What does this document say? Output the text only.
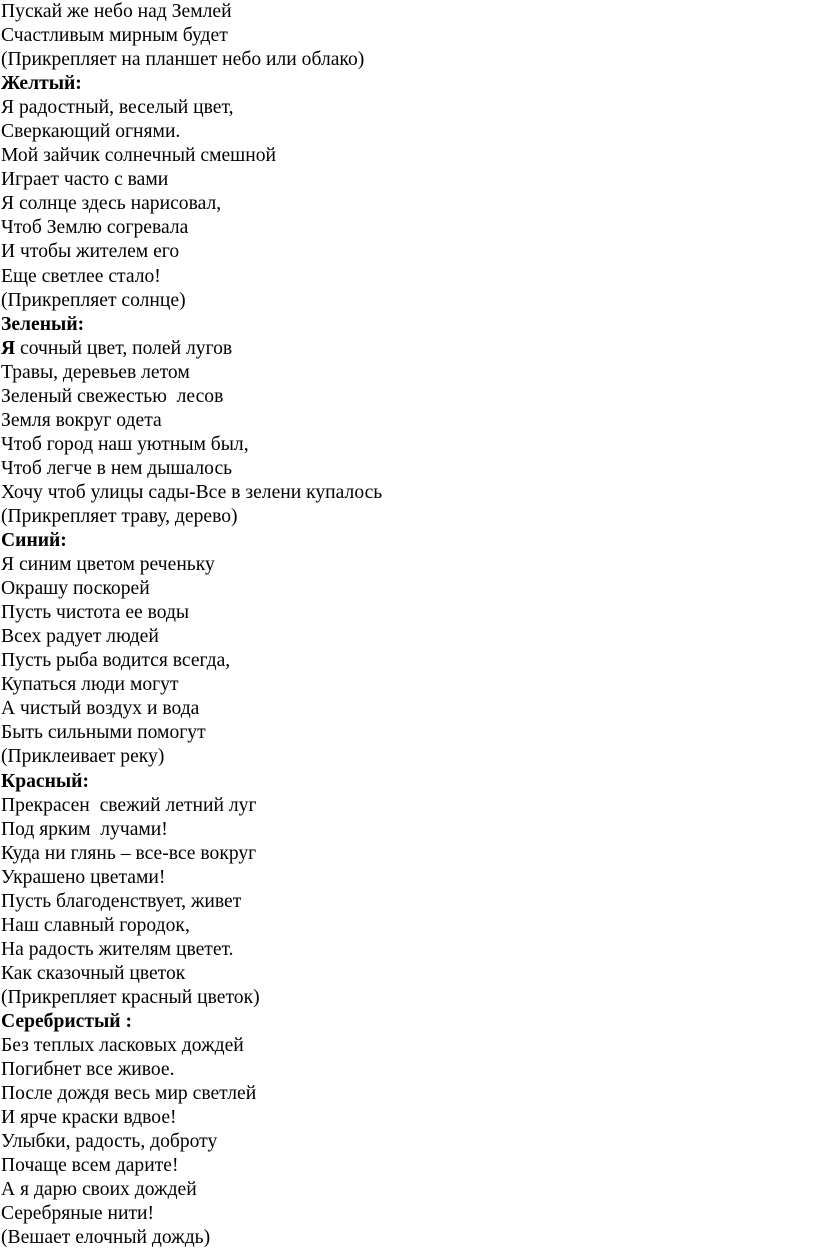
Пускай же небо над Землей
Счастливым мирным будет
(Прикрепляет на планшет небо или облако)
Желтый:
Я радостный, веселый цвет,
Сверкающий огнями.
Мой зайчик солнечный смешной
Играет часто с вами
Я солнце здесь нарисовал,
Чтоб Землю согревала
И чтобы жителем его
Еще светлее стало!
(Прикрепляет солнце)
Зеленый:
Я сочный цвет, полей лугов
Травы, деревьев летом
Зеленый свежестью  лесов
Земля вокруг одета
Чтоб город наш уютным был,
Чтоб легче в нем дышалось
Хочу чтоб улицы сады-Все в зелени купалось
(Прикрепляет траву, дерево)
Синий:
Я синим цветом реченьку
Окрашу поскорей
Пусть чистота ее воды
Всех радует людей
Пусть рыба водится всегда,
Купаться люди могут
А чистый воздух и вода
Быть сильными помогут
(Приклеивает реку)
Красный:
Прекрасен  свежий летний луг
Под ярким  лучами!
Куда ни глянь – все-все вокруг
Украшено цветами!
Пусть благоденствует, живет
Наш славный городок,
На радость жителям цветет.
Как сказочный цветок
(Прикрепляет красный цветок)
Серебристый :
Без теплых ласковых дождей
Погибнет все живое.
После дождя весь мир светлей
И ярче краски вдвое!
Улыбки, радость, доброту
Почаще всем дарите!
А я дарю своих дождей
Серебряные нити!
(Вешает елочный дождь)
